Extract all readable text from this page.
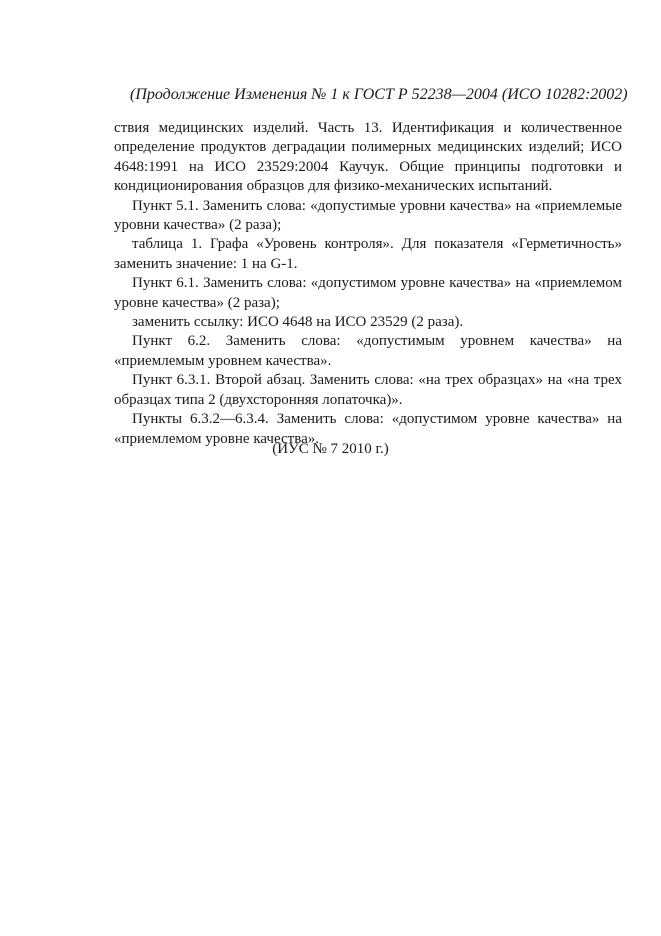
(Продолжение Изменения № 1 к ГОСТ Р 52238—2004 (ИСО 10282:2002)

ствия медицинских изделий. Часть 13. Идентификация и количественное определение продуктов деградации полимерных медицинских изделий; ИСО 4648:1991 на ИСО 23529:2004 Каучук. Общие принципы подготовки и кондиционирования образцов для физико-механических испытаний.

Пункт 5.1. Заменить слова: «допустимые уровни качества» на «приемлемые уровни качества» (2 раза);

таблица 1. Графа «Уровень контроля». Для показателя «Герметичность» заменить значение: 1 на G-1.

Пункт 6.1. Заменить слова: «допустимом уровне качества» на «приемлемом уровне качества» (2 раза);

заменить ссылку: ИСО 4648 на ИСО 23529 (2 раза).

Пункт 6.2. Заменить слова: «допустимым уровнем качества» на «приемлемым уровнем качества».

Пункт 6.3.1. Второй абзац. Заменить слова: «на трех образцах» на «на трех образцах типа 2 (двухсторонняя лопаточка)».

Пункты 6.3.2—6.3.4. Заменить слова: «допустимом уровне качества» на «приемлемом уровне качества».

(ИУС № 7 2010 г.)
